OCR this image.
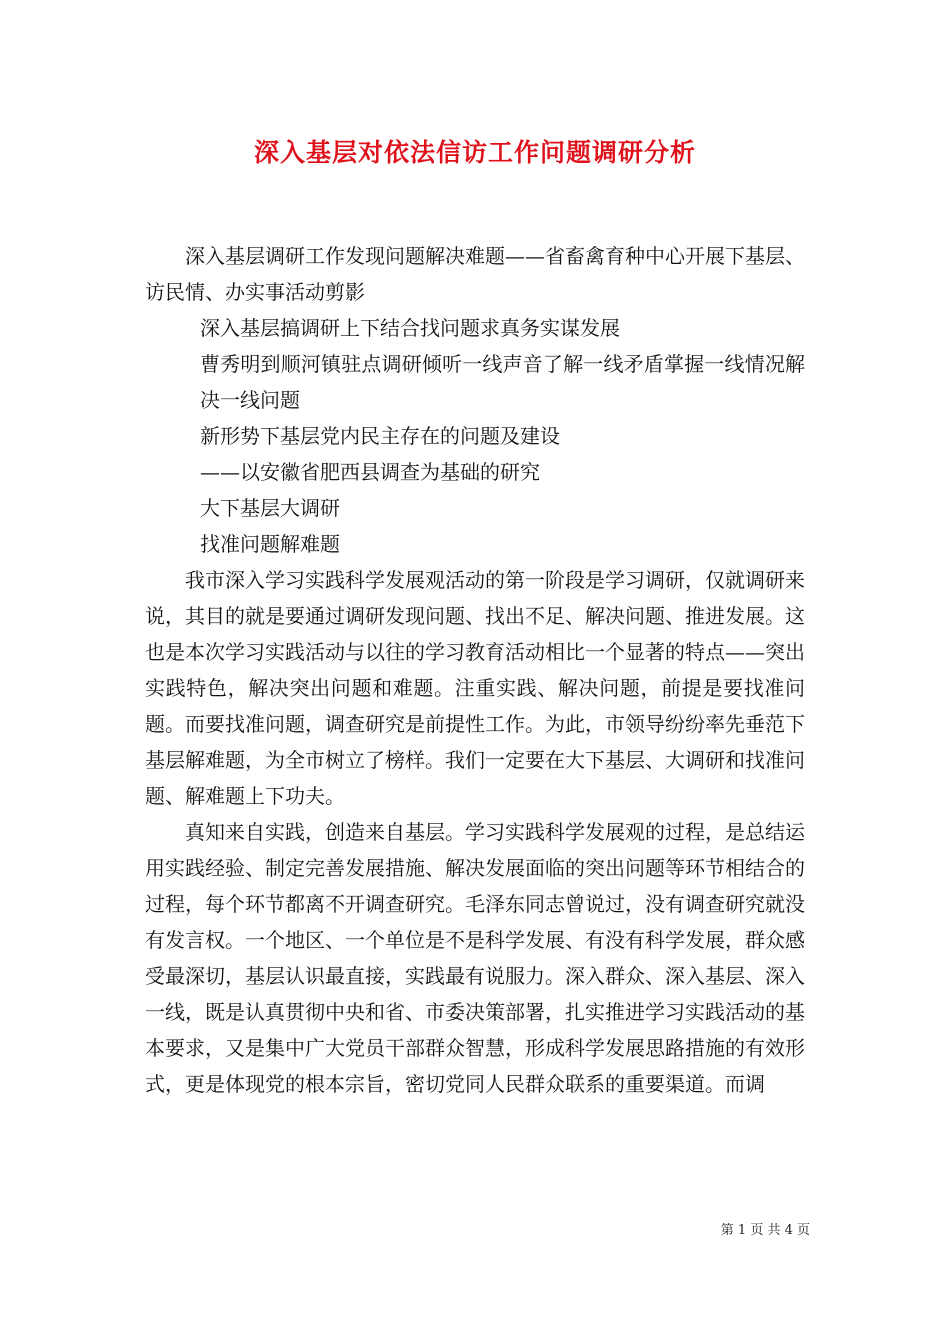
深入基层对依法信访工作问题调研分析

深入基层调研工作发现问题解决难题——省畜禽育种中心开展下基层、访民情、办实事活动剪影

深入基层搞调研上下结合找问题求真务实谋发展

曹秀明到顺河镇驻点调研倾听一线声音了解一线矛盾掌握一线情况解决一线问题

新形势下基层党内民主存在的问题及建设

——以安徽省肥西县调查为基础的研究

大下基层大调研

找准问题解难题

我市深入学习实践科学发展观活动的第一阶段是学习调研，仅就调研来说，其目的就是要通过调研发现问题、找出不足、解决问题、推进发展。这也是本次学习实践活动与以往的学习教育活动相比一个显著的特点——突出实践特色，解决突出问题和难题。注重实践、解决问题，前提是要找准问题。而要找准问题，调查研究是前提性工作。为此，市领导纷纷率先垂范下基层解难题，为全市树立了榜样。我们一定要在大下基层、大调研和找准问题、解难题上下功夫。

真知来自实践，创造来自基层。学习实践科学发展观的过程，是总结运用实践经验、制定完善发展措施、解决发展面临的突出问题等环节相结合的过程，每个环节都离不开调查研究。毛泽东同志曾说过，没有调查研究就没有发言权。一个地区、一个单位是不是科学发展、有没有科学发展，群众感受最深切，基层认识最直接，实践最有说服力。深入群众、深入基层、深入一线，既是认真贯彻中央和省、市委决策部署，扎实推进学习实践活动的基本要求，又是集中广大党员干部群众智慧，形成科学发展思路措施的有效形式，更是体现党的根本宗旨，密切党同人民群众联系的重要渠道。而调

第 1 页 共 4 页
